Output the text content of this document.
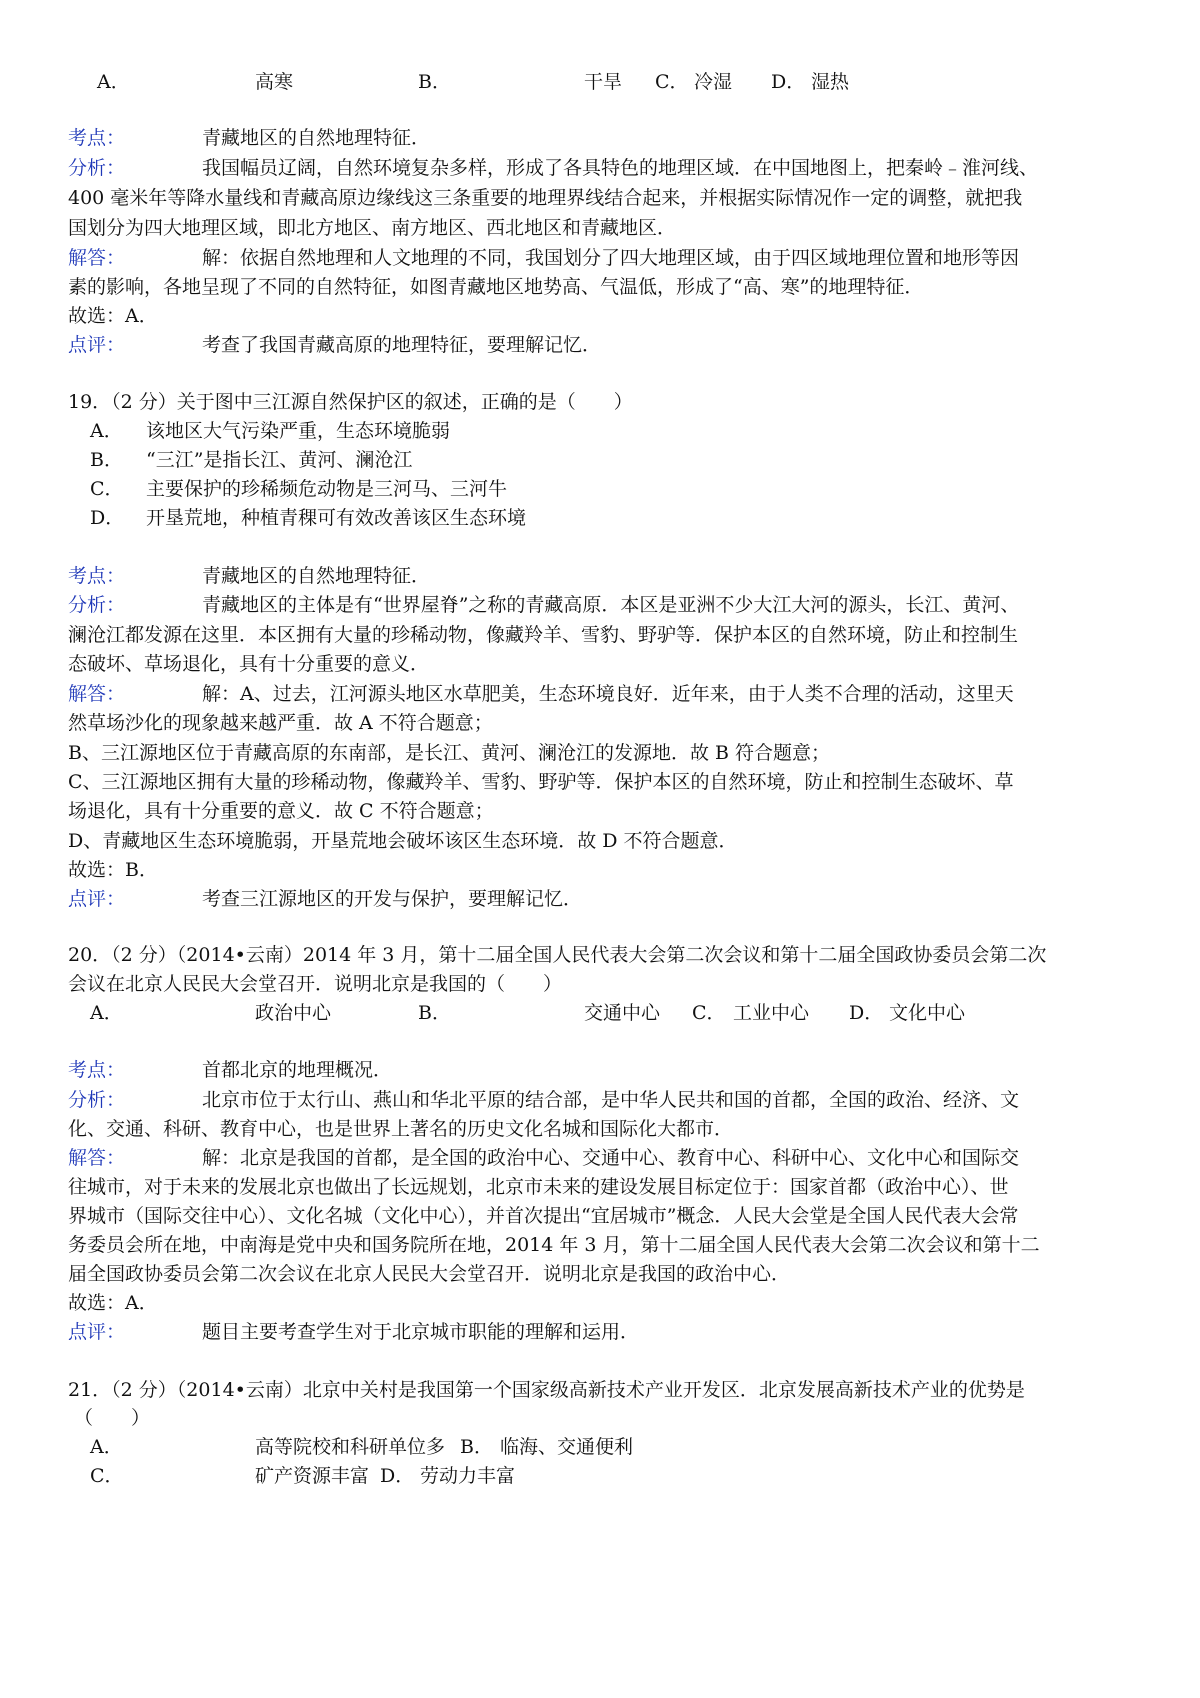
A．	高寒	B．	干旱 C． 冷湿 D． 湿热
考点：	青藏地区的自然地理特征．
分析：	我国幅员辽阔，自然环境复杂多样，形成了各具特色的地理区域．在中国地图上，把秦岭﹣淮河线、
400 毫米年等降水量线和青藏高原边缘线这三条重要的地理界线结合起来，并根据实际情况作一定的调整，就把我
国划分为四大地理区域，即北方地区、南方地区、西北地区和青藏地区．
解答：	解：依据自然地理和人文地理的不同，我国划分了四大地理区域，由于四区域地理位置和地形等因
素的影响，各地呈现了不同的自然特征，如图青藏地区地势高、气温低，形成了“高、寒”的地理特征．
故选：A．
点评：	考查了我国青藏高原的地理特征，要理解记忆．
19．（2 分）关于图中三江源自然保护区的叙述，正确的是（　　）
A． 该地区大气污染严重，生态环境脆弱
B． “三江”是指长江、黄河、澜沧江
C． 主要保护的珍稀频危动物是三河马、三河牛
D． 开垦荒地，种植青稞可有效改善该区生态环境
考点：	青藏地区的自然地理特征．
分析：	青藏地区的主体是有“世界屋脊”之称的青藏高原．本区是亚洲不少大江大河的源头，长江、黄河、
澜沧江都发源在这里．本区拥有大量的珍稀动物，像藏羚羊、雪豹、野驴等．保护本区的自然环境，防止和控制生
态破坏、草场退化，具有十分重要的意义．
解答：	解：A、过去，江河源头地区水草肥美，生态环境良好．近年来，由于人类不合理的活动，这里天
然草场沙化的现象越来越严重．故 A 不符合题意；
B、三江源地区位于青藏高原的东南部，是长江、黄河、澜沧江的发源地．故 B 符合题意；
C、三江源地区拥有大量的珍稀动物，像藏羚羊、雪豹、野驴等．保护本区的自然环境，防止和控制生态破坏、草
场退化，具有十分重要的意义．故 C 不符合题意；
D、青藏地区生态环境脆弱，开垦荒地会破坏该区生态环境．故 D 不符合题意．
故选：B．
点评：	考查三江源地区的开发与保护，要理解记忆．
20．（2 分）（2014•云南）2014 年 3 月，第十二届全国人民代表大会第二次会议和第十二届全国政协委员会第二次
会议在北京人民民大会堂召开．说明北京是我国的（　　）
A．	政治中心	B．	交通中心 C． 工业中心 D． 文化中心
考点：	首都北京的地理概况．
分析：	北京市位于太行山、燕山和华北平原的结合部，是中华人民共和国的首都，全国的政治、经济、文
化、交通、科研、教育中心，也是世界上著名的历史文化名城和国际化大都市．
解答：	解：北京是我国的首都，是全国的政治中心、交通中心、教育中心、科研中心、文化中心和国际交
往城市，对于未来的发展北京也做出了长远规划，北京市未来的建设发展目标定位于：国家首都（政治中心）、世
界城市（国际交往中心）、文化名城（文化中心），并首次提出“宜居城市”概念．人民大会堂是全国人民代表大会常
务委员会所在地，中南海是党中央和国务院所在地，2014 年 3 月，第十二届全国人民代表大会第二次会议和第十二
届全国政协委员会第二次会议在北京人民民大会堂召开．说明北京是我国的政治中心．
故选：A．
点评：	题目主要考查学生对于北京城市职能的理解和运用．
21．（2 分）（2014•云南）北京中关村是我国第一个国家级高新技术产业开发区．北京发展高新技术产业的优势是
（　　）
A．	高等院校和科研单位多 B． 临海、交通便利
C．	矿产资源丰富 D． 劳动力丰富
